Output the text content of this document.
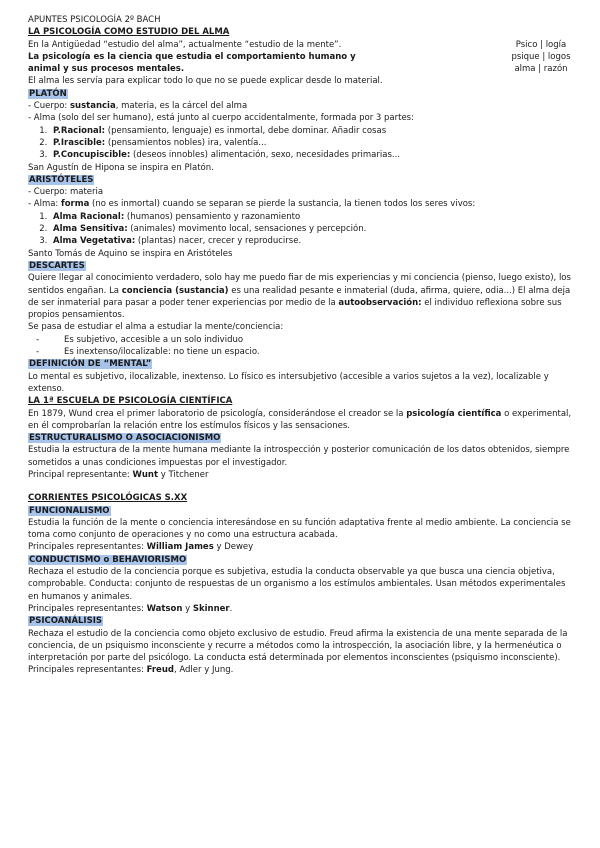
APUNTES PSICOLOGÍA 2º BACH
LA PSICOLOGÍA COMO ESTUDIO DEL ALMA
En la Antigüedad “estudio del alma”, actualmente “estudio de la mente”.	Psico | logía
La psicología es la ciencia que estudia el comportamiento humano y	psique | logos
animal y sus procesos mentales.	alma | razón
El alma les servía para explicar todo lo que no se puede explicar desde lo material.
PLATÓN
- Cuerpo: sustancia, materia, es la cárcel del alma
- Alma (solo del ser humano), está junto al cuerpo accidentalmente, formada por 3 partes:
1. P.Racional: (pensamiento, lenguaje) es inmortal, debe dominar. Añadir cosas
2. P.Irascible: (pensamientos nobles) ira, valentía...
3. P.Concupiscible: (deseos innobles) alimentación, sexo, necesidades primarias...
San Agustín de Hipona se inspira en Platón.
ARISTÓTELES
- Cuerpo: materia
- Alma: forma (no es inmortal) cuando se separan se pierde la sustancia, la tienen todos los seres vivos:
1. Alma Racional: (humanos) pensamiento y razonamiento
2. Alma Sensitiva: (animales) movimento local, sensaciones y percepción.
3. Alma Vegetativa: (plantas) nacer, crecer y reproducirse.
Santo Tomás de Aquino se inspira en Aristóteles
DESCARTES
Quiere llegar al conocimiento verdadero, solo hay me puedo fiar de mis experiencias y mi conciencia (pienso, luego existo), los sentidos engañan. La conciencia (sustancia) es una realidad pesante e inmaterial (duda, afirma, quiere, odia...) El alma deja de ser inmaterial para pasar a poder tener experiencias por medio de la autoobservación: el individuo reflexiona sobre sus propios pensamientos.
Se pasa de estudiar el alma a estudiar la mente/conciencia:
- Es subjetivo, accesible a un solo individuo
- Es inextenso/ilocalizable: no tiene un espacio.
DEFINICIÓN DE “MENTAL”
Lo mental es subjetivo, ilocalizable, inextenso. Lo físico es intersubjetivo (accesible a varios sujetos a la vez), localizable y extenso.
LA 1ª ESCUELA DE PSICOLOGÍA CIENTÍFICA
En 1879, Wund crea el primer laboratorio de psicología, considerándose el creador se la psicología científica o experimental, en él comprobarían la relación entre los estímulos físicos y las sensaciones.
ESTRUCTURALISMO O ASOCIACIONISMO
Estudia la estructura de la mente humana mediante la introspección y posterior comunicación de los datos obtenidos, siempre sometidos a unas condiciones impuestas por el investigador.
Principal representante: Wunt y Titchener
CORRIENTES PSICOLÓGICAS S.XX
FUNCIONALISMO
Estudia la función de la mente o conciencia interesándose en su función adaptativa frente al medio ambiente. La conciencia se toma como conjunto de operaciones y no como una estructura acabada.
Principales representantes: William James y Dewey
CONDUCTISMO o BEHAVIORISMO
Rechaza el estudio de la conciencia porque es subjetiva, estudia la conducta observable ya que busca una ciencia objetiva, comprobable. Conducta: conjunto de respuestas de un organismo a los estímulos ambientales. Usan métodos experimentales en humanos y animales.
Principales representantes: Watson y Skinner.
PSICOANÁLISIS
Rechaza el estudio de la conciencia como objeto exclusivo de estudio. Freud afirma la existencia de una mente separada de la conciencia, de un psiquismo inconsciente y recurre a métodos como la introspección, la asociación libre, y la hermenéutica o interpretación por parte del psicólogo. La conducta está determinada por elementos inconscientes (psiquismo inconsciente).
Principales representantes: Freud, Adler y Jung.
